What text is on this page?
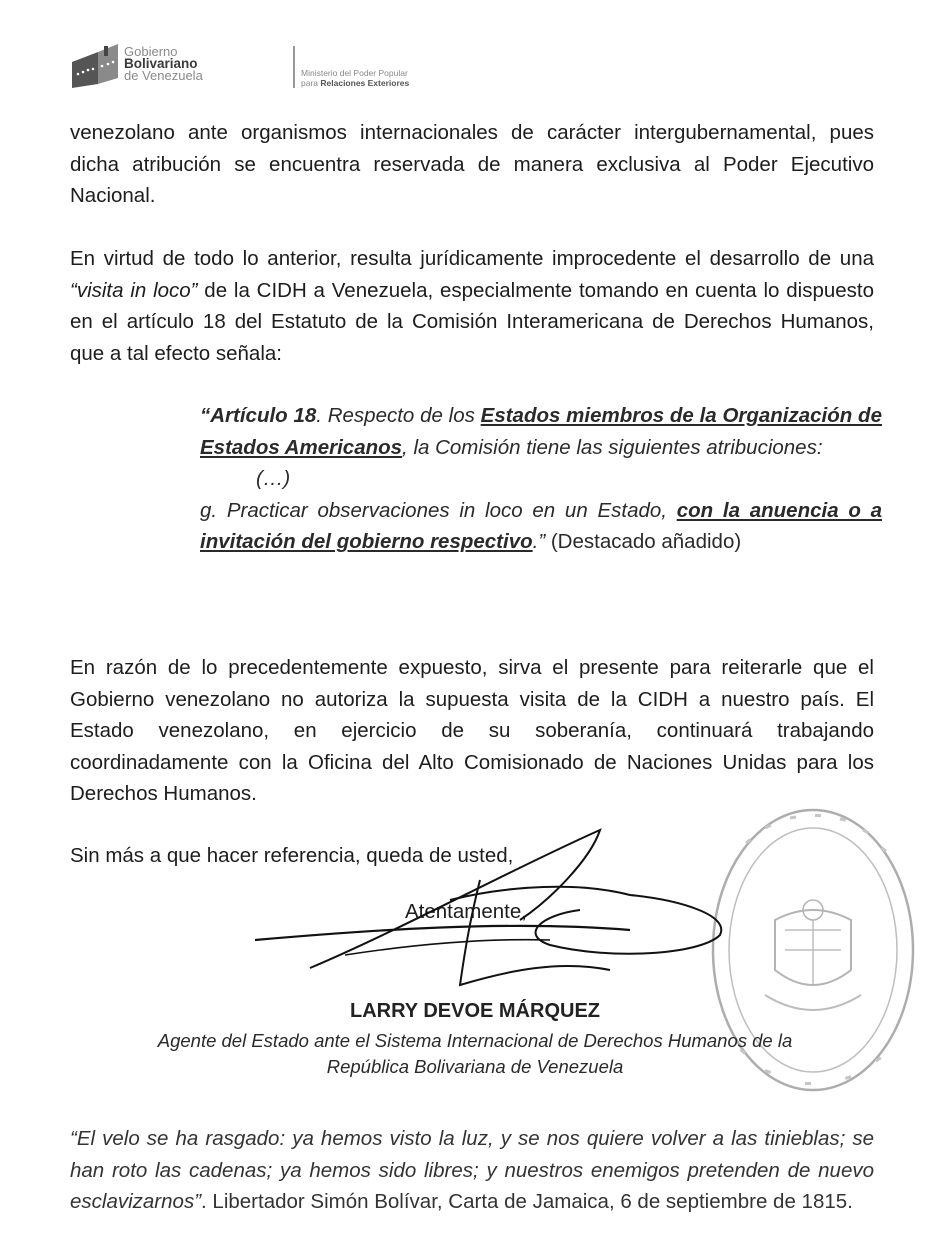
Gobierno
Bolivariano
de Venezuela	Ministerio del Poder Popular
para Relaciones Exteriores

venezolano ante organismos internacionales de carácter intergubernamental, pues dicha atribución se encuentra reservada de manera exclusiva al Poder Ejecutivo Nacional.

En virtud de todo lo anterior, resulta jurídicamente improcedente el desarrollo de una “visita in loco” de la CIDH a Venezuela, especialmente tomando en cuenta lo dispuesto en el artículo 18 del Estatuto de la Comisión Interamericana de Derechos Humanos, que a tal efecto señala:

“Artículo 18. Respecto de los Estados miembros de la Organización de Estados Americanos, la Comisión tiene las siguientes atribuciones:
(…)
g. Practicar observaciones in loco en un Estado, con la anuencia o a invitación del gobierno respectivo.” (Destacado añadido)

En razón de lo precedentemente expuesto, sirva el presente para reiterarle que el Gobierno venezolano no autoriza la supuesta visita de la CIDH a nuestro país. El Estado venezolano, en ejercicio de su soberanía, continuará trabajando coordinadamente con la Oficina del Alto Comisionado de Naciones Unidas para los Derechos Humanos.

Sin más a que hacer referencia, queda de usted,
Atentamente,
LARRY DEVOE MÁRQUEZ
Agente del Estado ante el Sistema Internacional de Derechos Humanos de la
República Bolivariana de Venezuela

“El velo se ha rasgado: ya hemos visto la luz, y se nos quiere volver a las tinieblas; se han roto las cadenas; ya hemos sido libres; y nuestros enemigos pretenden de nuevo esclavizarnos”. Libertador Simón Bolívar, Carta de Jamaica, 6 de septiembre de 1815.
